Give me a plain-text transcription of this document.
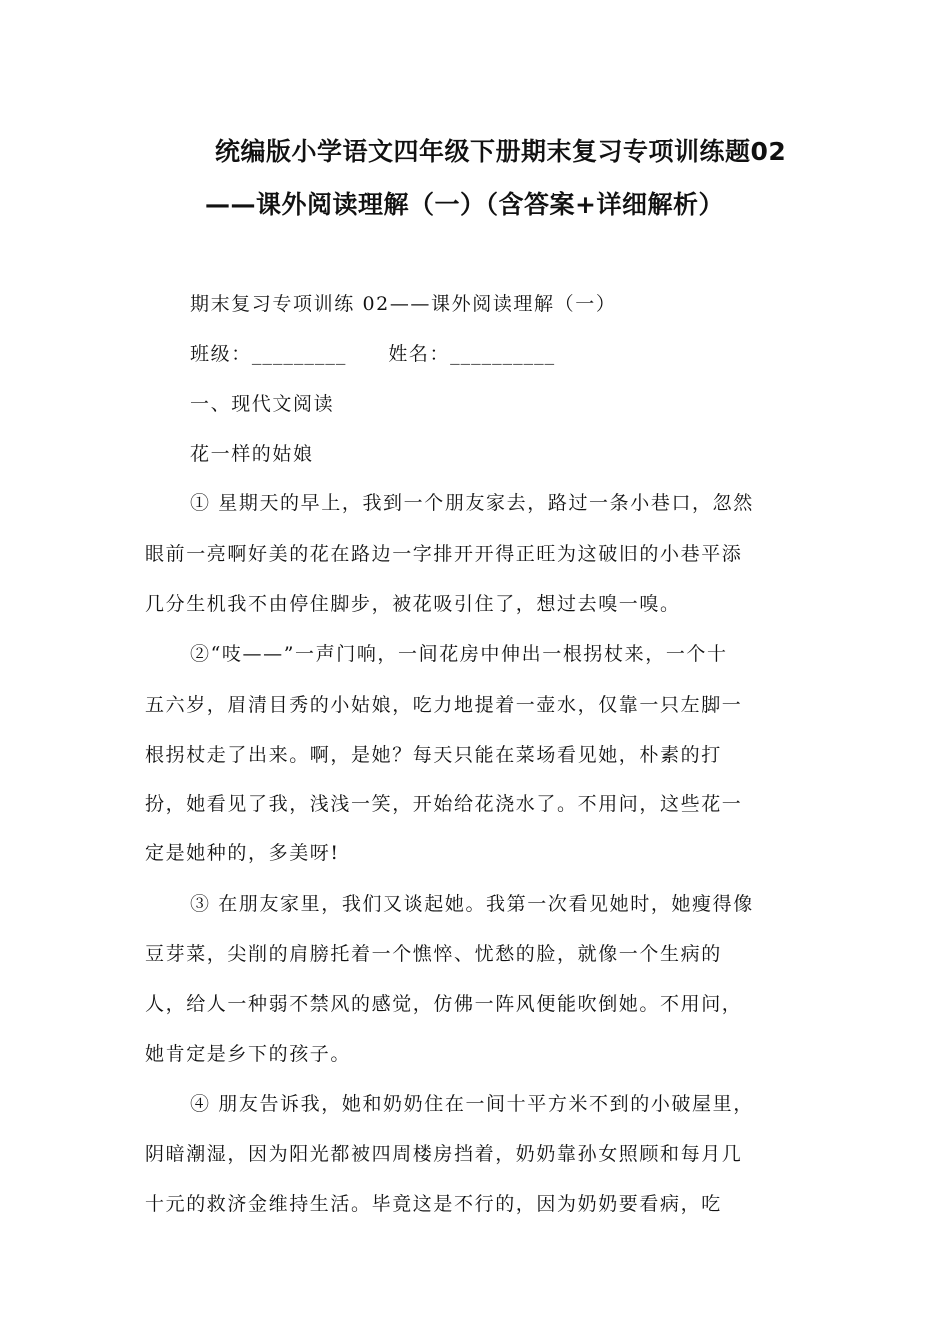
统编版小学语文四年级下册期末复习专项训练题02
——课外阅读理解（一）（含答案+详细解析）
期末复习专项训练 02——课外阅读理解（一）
班级：_________ 姓名：__________
一、现代文阅读
花一样的姑娘
① 星期天的早上，我到一个朋友家去，路过一条小巷口，忽然
眼前一亮啊好美的花在路边一字排开开得正旺为这破旧的小巷平添
几分生机我不由停住脚步，被花吸引住了，想过去嗅一嗅。
②“吱——”一声门响，一间花房中伸出一根拐杖来，一个十
五六岁，眉清目秀的小姑娘，吃力地提着一壶水，仅靠一只左脚一
根拐杖走了出来。啊，是她？每天只能在菜场看见她，朴素的打
扮，她看见了我，浅浅一笑，开始给花浇水了。不用问，这些花一
定是她种的，多美呀!
③ 在朋友家里，我们又谈起她。我第一次看见她时，她瘦得像
豆芽菜，尖削的肩膀托着一个憔悴、忧愁的脸，就像一个生病的
人，给人一种弱不禁风的感觉，仿佛一阵风便能吹倒她。不用问，
她肯定是乡下的孩子。
④ 朋友告诉我，她和奶奶住在一间十平方米不到的小破屋里，
阴暗潮湿，因为阳光都被四周楼房挡着，奶奶靠孙女照顾和每月几
十元的救济金维持生活。毕竟这是不行的，因为奶奶要看病，吃
